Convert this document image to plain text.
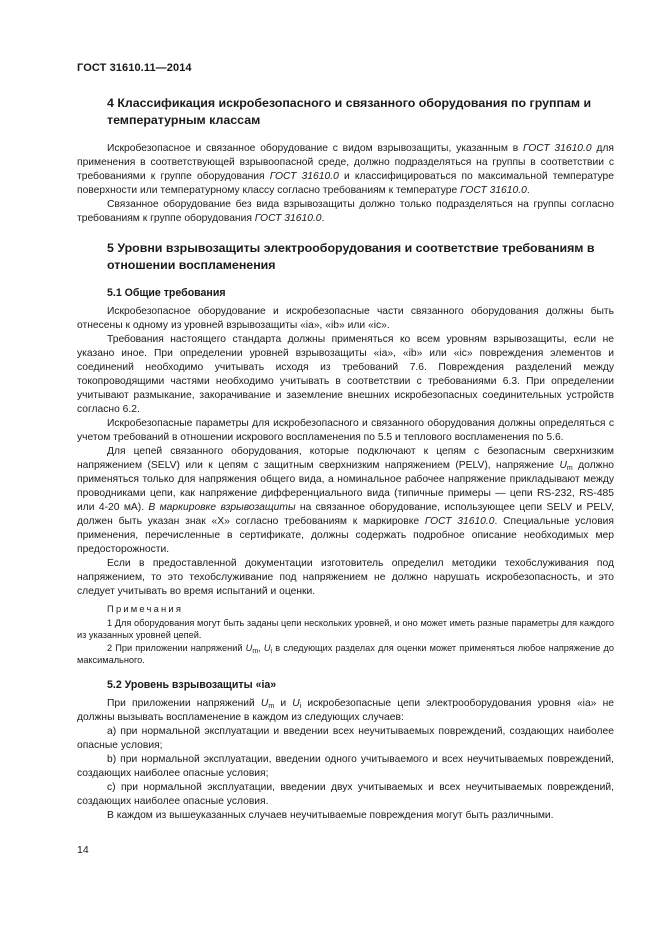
ГОСТ 31610.11—2014
4 Классификация искробезопасного и связанного оборудования по группам и температурным классам

Искробезопасное и связанное оборудование с видом взрывозащиты, указанным в ГОСТ 31610.0 для применения в соответствующей взрывоопасной среде, должно подразделяться на группы в соответствии с требованиями к группе оборудования ГОСТ 31610.0 и классифицироваться по максимальной температуре поверхности или температурному классу согласно требованиям к температуре ГОСТ 31610.0.

Связанное оборудование без вида взрывозащиты должно только подразделяться на группы согласно требованиям к группе оборудования ГОСТ 31610.0.

5 Уровни взрывозащиты электрооборудования и соответствие требованиям в отношении воспламенения
5.1 Общие требования

Искробезопасное оборудование и искробезопасные части связанного оборудования должны быть отнесены к одному из уровней взрывозащиты «ia», «ib» или «ic».

Требования настоящего стандарта должны применяться ко всем уровням взрывозащиты, если не указано иное. При определении уровней взрывозащиты «ia», «ib» или «ic» повреждения элементов и соединений необходимо учитывать исходя из требований 7.6. Повреждения разделений между токопроводящими частями необходимо учитывать в соответствии с требованиями 6.3. При определении учитывают размыкание, закорачивание и заземление внешних искробезопасных соединительных устройств согласно 6.2.

Искробезопасные параметры для искробезопасного и связанного оборудования должны определяться с учетом требований в отношении искрового воспламенения по 5.5 и теплового воспламенения по 5.6.

Для цепей связанного оборудования, которые подключают к цепям с безопасным сверхнизким напряжением (SELV) или к цепям с защитным сверхнизким напряжением (PELV), напряжение $U_m$ должно применяться только для напряжения общего вида, а номинальное рабочее напряжение прикладывают между проводниками цепи, как напряжение дифференциального вида (типичные примеры — цепи RS-232, RS-485 или 4-20 мА). В маркировке взрывозащиты на связанное оборудование, использующее цепи SELV и PELV, должен быть указан знак «X» согласно требованиям к маркировке ГОСТ 31610.0. Специальные условия применения, перечисленные в сертификате, должны содержать подробное описание необходимых мер предосторожности.

Если в предоставленной документации изготовитель определил методики техобслуживания под напряжением, то это техобслуживание под напряжением не должно нарушать искробезопасность, и это следует учитывать во время испытаний и оценки.

Примечания

1 Для оборудования могут быть заданы цепи нескольких уровней, и оно может иметь разные параметры для каждого из указанных уровней цепей.

2 При приложении напряжений $U_m$, $U_i$ в следующих разделах для оценки может применяться любое напряжение до максимального.

5.2 Уровень взрывозащиты «ia»

При приложении напряжений $U_m$ и $U_i$ искробезопасные цепи электрооборудования уровня «ia» не должны вызывать воспламенение в каждом из следующих случаев:

а) при нормальной эксплуатации и введении всех неучитываемых повреждений, создающих наиболее опасные условия;

b) при нормальной эксплуатации, введении одного учитываемого и всех неучитываемых повреждений, создающих наиболее опасные условия;

c) при нормальной эксплуатации, введении двух учитываемых и всех неучитываемых повреждений, создающих наиболее опасные условия.

В каждом из вышеуказанных случаев неучитываемые повреждения могут быть различными.

14
